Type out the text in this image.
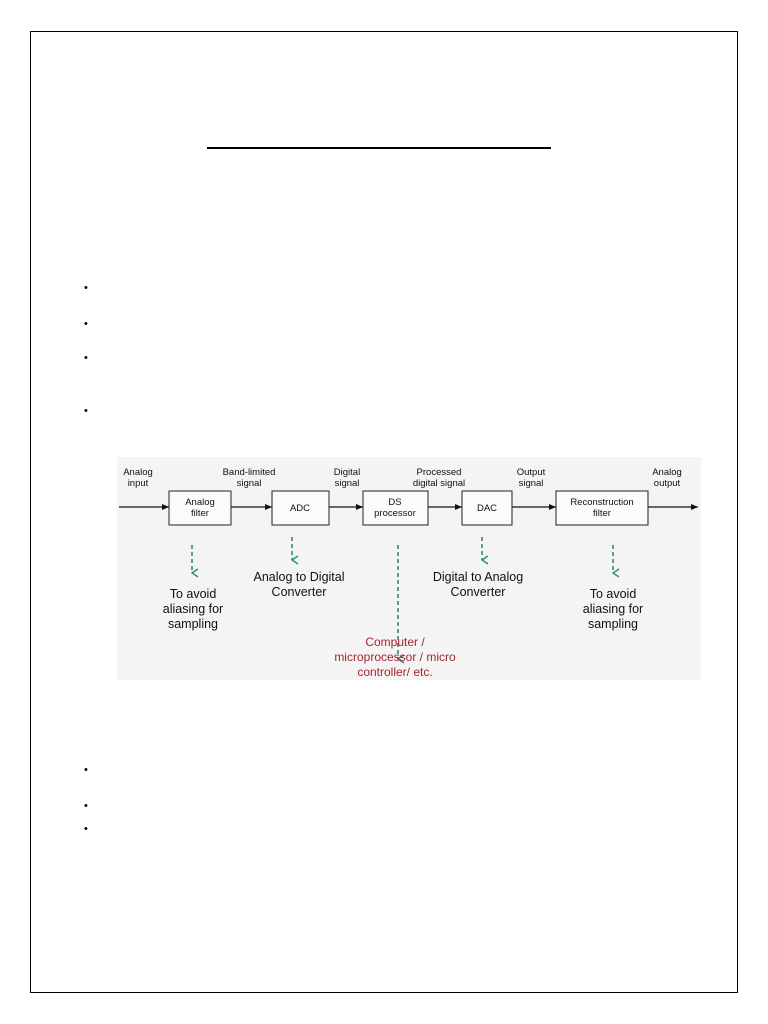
•
•
•
•
•
•
•
Analog
filter	ADC
DS
processor	DAC
Reconstruction
filter
Analog
input
Band-limited
signal
Digital
signal
Processed
digital signal
Output
signal
Analog
output
To avoid
aliasing for
sampling
Analog to Digital
Converter
Digital to Analog
Converter	To avoid
aliasing for
sampling
Computer /
microprocessor / micro
controller/ etc.
